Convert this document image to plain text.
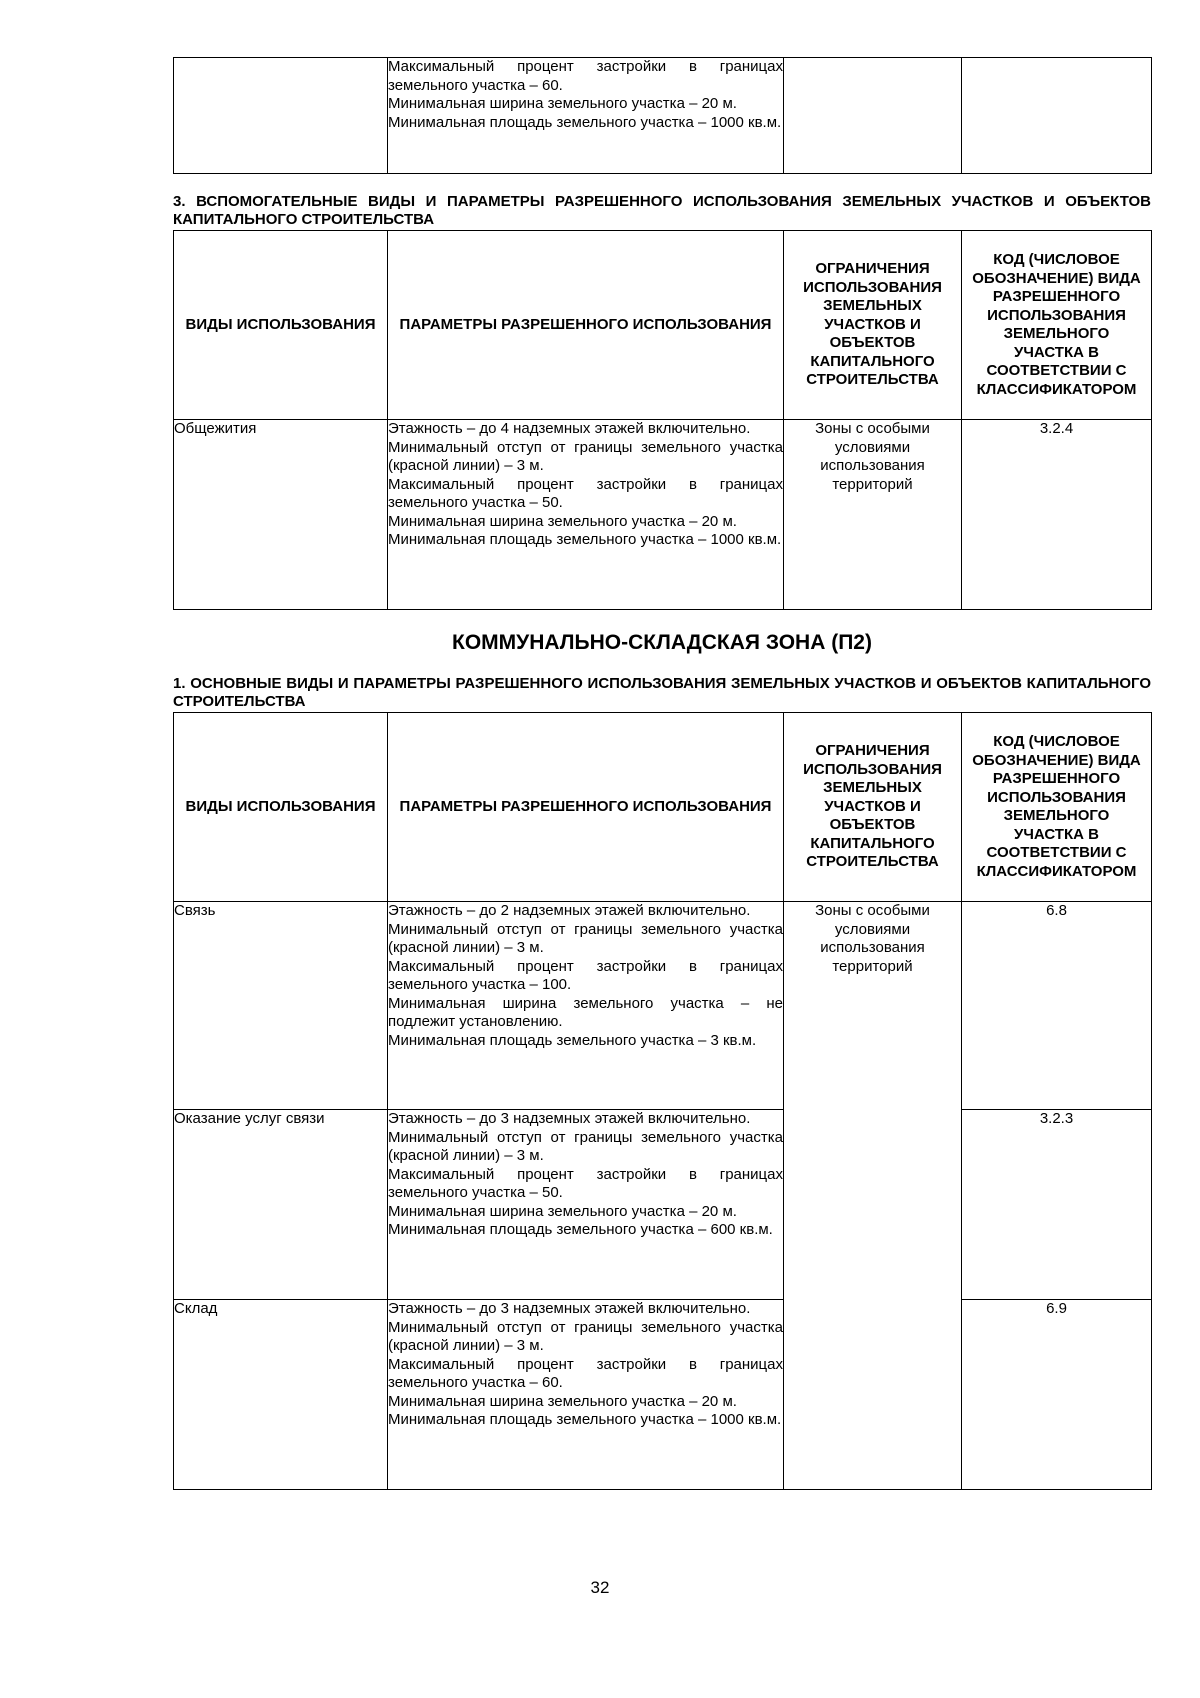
Максимальный процент застройки в границах земельного участка – 60.
Минимальная ширина земельного участка – 20 м.
Минимальная площадь земельного участка – 1000 кв.м.

3. ВСПОМОГАТЕЛЬНЫЕ ВИДЫ И ПАРАМЕТРЫ РАЗРЕШЕННОГО ИСПОЛЬЗОВАНИЯ ЗЕМЕЛЬНЫХ УЧАСТКОВ И ОБЪЕКТОВ КАПИТАЛЬНОГО СТРОИТЕЛЬСТВА
ВИДЫ ИСПОЛЬЗОВАНИЯ	ПАРАМЕТРЫ РАЗРЕШЕННОГО ИСПОЛЬЗОВАНИЯ	ОГРАНИЧЕНИЯ ИСПОЛЬЗОВАНИЯ ЗЕМЕЛЬНЫХ УЧАСТКОВ И ОБЪЕКТОВ КАПИТАЛЬНОГО СТРОИТЕЛЬСТВА	КОД (ЧИСЛОВОЕ ОБОЗНАЧЕНИЕ) ВИДА РАЗРЕШЕННОГО ИСПОЛЬЗОВАНИЯ ЗЕМЕЛЬНОГО УЧАСТКА В СООТВЕТСТВИИ С КЛАССИФИКАТОРОМ
Общежития	Этажность – до 4 надземных этажей включительно.
Минимальный отступ от границы земельного участка (красной линии) – 3 м.
Максимальный процент застройки в границах земельного участка – 50.
Минимальная ширина земельного участка – 20 м.
Минимальная площадь земельного участка – 1000 кв.м.	Зоны с особыми условиями использования территорий	3.2.4
КОММУНАЛЬНО-СКЛАДСКАЯ ЗОНА (П2)
1. ОСНОВНЫЕ ВИДЫ И ПАРАМЕТРЫ РАЗРЕШЕННОГО ИСПОЛЬЗОВАНИЯ ЗЕМЕЛЬНЫХ УЧАСТКОВ И ОБЪЕКТОВ КАПИТАЛЬНОГО СТРОИТЕЛЬСТВА
ВИДЫ ИСПОЛЬЗОВАНИЯ	ПАРАМЕТРЫ РАЗРЕШЕННОГО ИСПОЛЬЗОВАНИЯ	ОГРАНИЧЕНИЯ ИСПОЛЬЗОВАНИЯ ЗЕМЕЛЬНЫХ УЧАСТКОВ И ОБЪЕКТОВ КАПИТАЛЬНОГО СТРОИТЕЛЬСТВА	КОД (ЧИСЛОВОЕ ОБОЗНАЧЕНИЕ) ВИДА РАЗРЕШЕННОГО ИСПОЛЬЗОВАНИЯ ЗЕМЕЛЬНОГО УЧАСТКА В СООТВЕТСТВИИ С КЛАССИФИКАТОРОМ
Связь	Этажность – до 2 надземных этажей включительно.
Минимальный отступ от границы земельного участка (красной линии) – 3 м.
Максимальный процент застройки в границах земельного участка – 100.
Минимальная ширина земельного участка – не подлежит установлению.
Минимальная площадь земельного участка – 3 кв.м.	Зоны с особыми условиями использования территорий	6.8
Оказание услуг связи	Этажность – до 3 надземных этажей включительно.
Минимальный отступ от границы земельного участка (красной линии) – 3 м.
Максимальный процент застройки в границах земельного участка – 50.
Минимальная ширина земельного участка – 20 м.
Минимальная площадь земельного участка – 600 кв.м.		3.2.3
Склад	Этажность – до 3 надземных этажей включительно.
Минимальный отступ от границы земельного участка (красной линии) – 3 м.
Максимальный процент застройки в границах земельного участка – 60.
Минимальная ширина земельного участка – 20 м.
Минимальная площадь земельного участка – 1000 кв.м.		6.9
32
